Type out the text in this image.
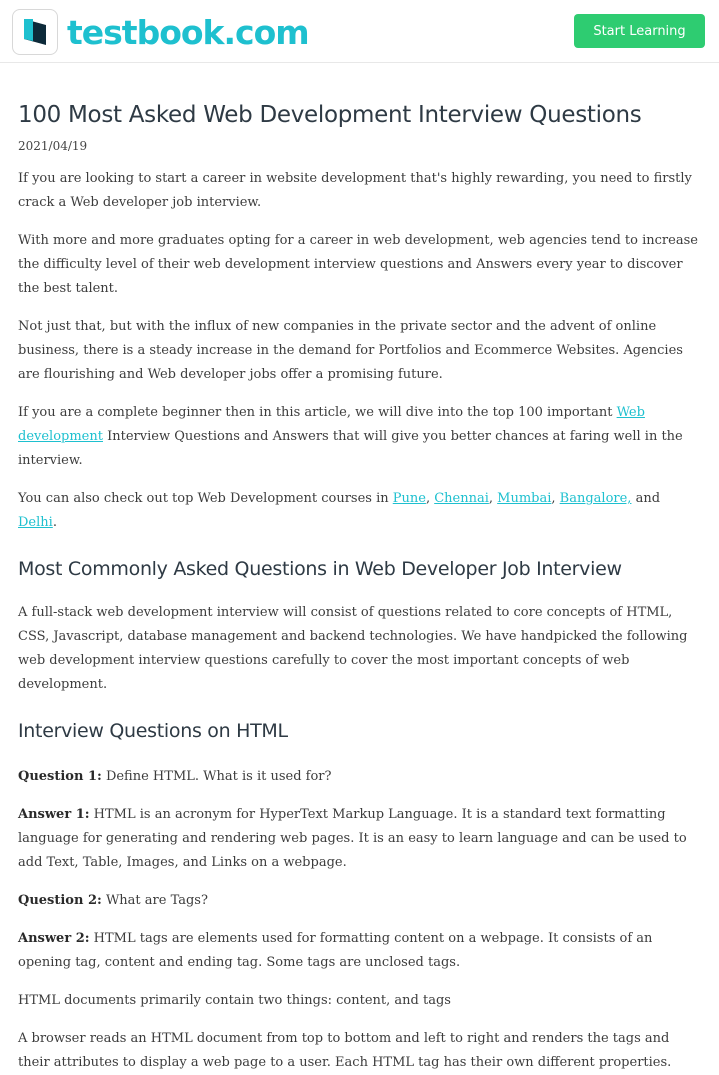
testbook.com	Start Learning
100 Most Asked Web Development Interview Questions
2021/04/19

If you are looking to start a career in website development that's highly rewarding, you need to firstly crack a Web developer job interview.

With more and more graduates opting for a career in web development, web agencies tend to increase the difficulty level of their web development interview questions and Answers every year to discover the best talent.

Not just that, but with the influx of new companies in the private sector and the advent of online business, there is a steady increase in the demand for Portfolios and Ecommerce Websites. Agencies are flourishing and Web developer jobs offer a promising future.

If you are a complete beginner then in this article, we will dive into the top 100 important Web development Interview Questions and Answers that will give you better chances at faring well in the interview.

You can also check out top Web Development courses in Pune, Chennai, Mumbai, Bangalore, and Delhi.

Most Commonly Asked Questions in Web Developer Job Interview

A full-stack web development interview will consist of questions related to core concepts of HTML, CSS, Javascript, database management and backend technologies. We have handpicked the following web development interview questions carefully to cover the most important concepts of web development.

Interview Questions on HTML

Question 1: Define HTML. What is it used for?

Answer 1: HTML is an acronym for HyperText Markup Language. It is a standard text formatting language for generating and rendering web pages. It is an easy to learn language and can be used to add Text, Table, Images, and Links on a webpage.

Question 2: What are Tags?

Answer 2: HTML tags are elements used for formatting content on a webpage. It consists of an opening tag, content and ending tag. Some tags are unclosed tags.

HTML documents primarily contain two things: content, and tags

A browser reads an HTML document from top to bottom and left to right and renders the tags and their attributes to display a web page to a user. Each HTML tag has their own different properties.
